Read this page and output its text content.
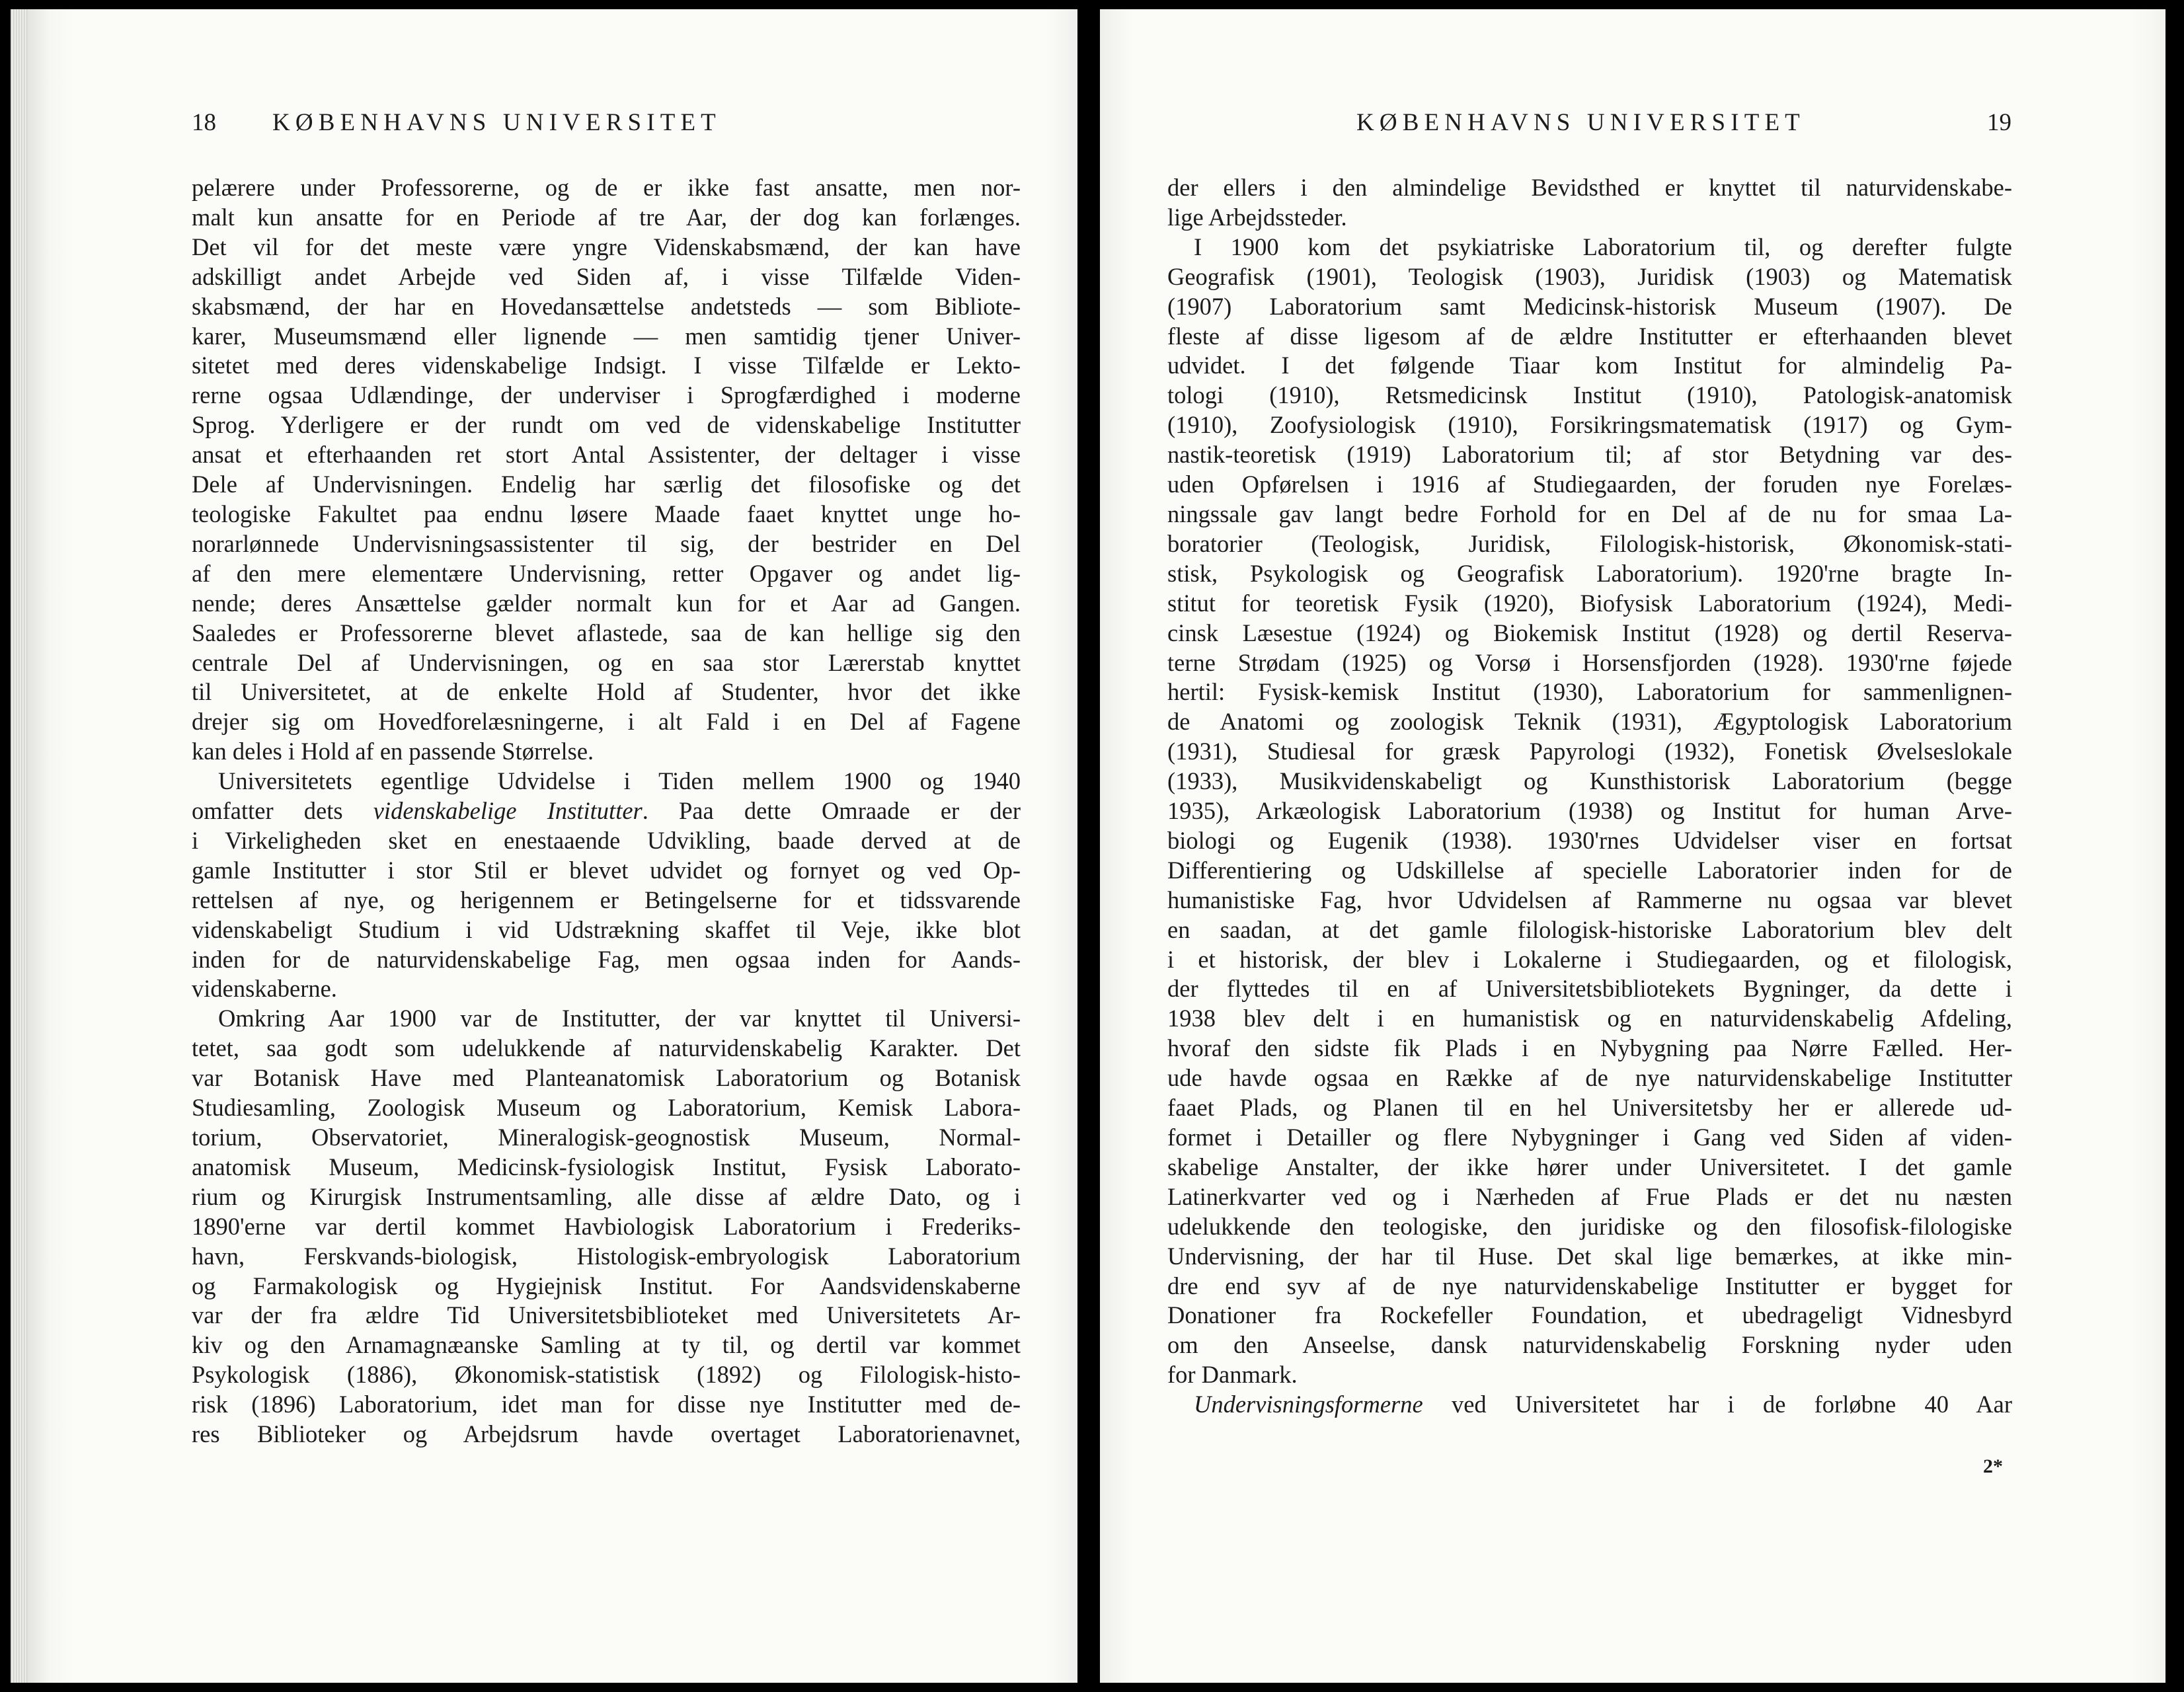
18 KØBENHAVNS UNIVERSITET
pelærere under Professorerne, og de er ikke fast ansatte, men nor-
malt kun ansatte for en Periode af tre Aar, der dog kan forlænges.
Det vil for det meste være yngre Videnskabsmænd, der kan have
adskilligt andet Arbejde ved Siden af, i visse Tilfælde Viden-
skabsmænd, der har en Hovedansættelse andetsteds — som Bibliote-
karer, Museumsmænd eller lignende — men samtidig tjener Univer-
sitetet med deres videnskabelige Indsigt. I visse Tilfælde er Lekto-
rerne ogsaa Udlændinge, der underviser i Sprogfærdighed i moderne
Sprog. Yderligere er der rundt om ved de videnskabelige Institutter
ansat et efterhaanden ret stort Antal Assistenter, der deltager i visse
Dele af Undervisningen. Endelig har særlig det filosofiske og det
teologiske Fakultet paa endnu løsere Maade faaet knyttet unge ho-
norarlønnede Undervisningsassistenter til sig, der bestrider en Del
af den mere elementære Undervisning, retter Opgaver og andet lig-
nende; deres Ansættelse gælder normalt kun for et Aar ad Gangen.
Saaledes er Professorerne blevet aflastede, saa de kan hellige sig den
centrale Del af Undervisningen, og en saa stor Lærerstab knyttet
til Universitetet, at de enkelte Hold af Studenter, hvor det ikke
drejer sig om Hovedforelæsningerne, i alt Fald i en Del af Fagene
kan deles i Hold af en passende Størrelse.
Universitetets egentlige Udvidelse i Tiden mellem 1900 og 1940
omfatter dets videnskabelige Institutter. Paa dette Omraade er der
i Virkeligheden sket en enestaaende Udvikling, baade derved at de
gamle Institutter i stor Stil er blevet udvidet og fornyet og ved Op-
rettelsen af nye, og herigennem er Betingelserne for et tidssvarende
videnskabeligt Studium i vid Udstrækning skaffet til Veje, ikke blot
inden for de naturvidenskabelige Fag, men ogsaa inden for Aands-
videnskaberne.
Omkring Aar 1900 var de Institutter, der var knyttet til Universi-
tetet, saa godt som udelukkende af naturvidenskabelig Karakter. Det
var Botanisk Have med Planteanatomisk Laboratorium og Botanisk
Studiesamling, Zoologisk Museum og Laboratorium, Kemisk Labora-
torium, Observatoriet, Mineralogisk-geognostisk Museum, Normal-
anatomisk Museum, Medicinsk-fysiologisk Institut, Fysisk Laborato-
rium og Kirurgisk Instrumentsamling, alle disse af ældre Dato, og i
1890'erne var dertil kommet Havbiologisk Laboratorium i Frederiks-
havn, Ferskvands-biologisk, Histologisk-embryologisk Laboratorium
og Farmakologisk og Hygiejnisk Institut. For Aandsvidenskaberne
var der fra ældre Tid Universitetsbiblioteket med Universitetets Ar-
kiv og den Arnamagnæanske Samling at ty til, og dertil var kommet
Psykologisk (1886), Økonomisk-statistisk (1892) og Filologisk-histo-
risk (1896) Laboratorium, idet man for disse nye Institutter med de-
res Biblioteker og Arbejdsrum havde overtaget Laboratorienavnet,
KØBENHAVNS UNIVERSITET	19
der ellers i den almindelige Bevidsthed er knyttet til naturvidenskabe-
lige Arbejdssteder.
I 1900 kom det psykiatriske Laboratorium til, og derefter fulgte
Geografisk (1901), Teologisk (1903), Juridisk (1903) og Matematisk
(1907) Laboratorium samt Medicinsk-historisk Museum (1907). De
fleste af disse ligesom af de ældre Institutter er efterhaanden blevet
udvidet. I det følgende Tiaar kom Institut for almindelig Pa-
tologi (1910), Retsmedicinsk Institut (1910), Patologisk-anatomisk
(1910), Zoofysiologisk (1910), Forsikringsmatematisk (1917) og Gym-
nastik-teoretisk (1919) Laboratorium til; af stor Betydning var des-
uden Opførelsen i 1916 af Studiegaarden, der foruden nye Forelæs-
ningssale gav langt bedre Forhold for en Del af de nu for smaa La-
boratorier (Teologisk, Juridisk, Filologisk-historisk, Økonomisk-stati-
stisk, Psykologisk og Geografisk Laboratorium). 1920'rne bragte In-
stitut for teoretisk Fysik (1920), Biofysisk Laboratorium (1924), Medi-
cinsk Læsestue (1924) og Biokemisk Institut (1928) og dertil Reserva-
terne Strødam (1925) og Vorsø i Horsensfjorden (1928). 1930'rne føjede
hertil: Fysisk-kemisk Institut (1930), Laboratorium for sammenlignen-
de Anatomi og zoologisk Teknik (1931), Ægyptologisk Laboratorium
(1931), Studiesal for græsk Papyrologi (1932), Fonetisk Øvelseslokale
(1933), Musikvidenskabeligt og Kunsthistorisk Laboratorium (begge
1935), Arkæologisk Laboratorium (1938) og Institut for human Arve-
biologi og Eugenik (1938). 1930'rnes Udvidelser viser en fortsat
Differentiering og Udskillelse af specielle Laboratorier inden for de
humanistiske Fag, hvor Udvidelsen af Rammerne nu ogsaa var blevet
en saadan, at det gamle filologisk-historiske Laboratorium blev delt
i et historisk, der blev i Lokalerne i Studiegaarden, og et filologisk,
der flyttedes til en af Universitetsbibliotekets Bygninger, da dette i
1938 blev delt i en humanistisk og en naturvidenskabelig Afdeling,
hvoraf den sidste fik Plads i en Nybygning paa Nørre Fælled. Her-
ude havde ogsaa en Række af de nye naturvidenskabelige Institutter
faaet Plads, og Planen til en hel Universitetsby her er allerede ud-
formet i Detailler og flere Nybygninger i Gang ved Siden af viden-
skabelige Anstalter, der ikke hører under Universitetet. I det gamle
Latinerkvarter ved og i Nærheden af Frue Plads er det nu næsten
udelukkende den teologiske, den juridiske og den filosofisk-filologiske
Undervisning, der har til Huse. Det skal lige bemærkes, at ikke min-
dre end syv af de nye naturvidenskabelige Institutter er bygget for
Donationer fra Rockefeller Foundation, et ubedrageligt Vidnesbyrd
om den Anseelse, dansk naturvidenskabelig Forskning nyder uden
for Danmark.
Undervisningsformerne ved Universitetet har i de forløbne 40 Aar
2*
